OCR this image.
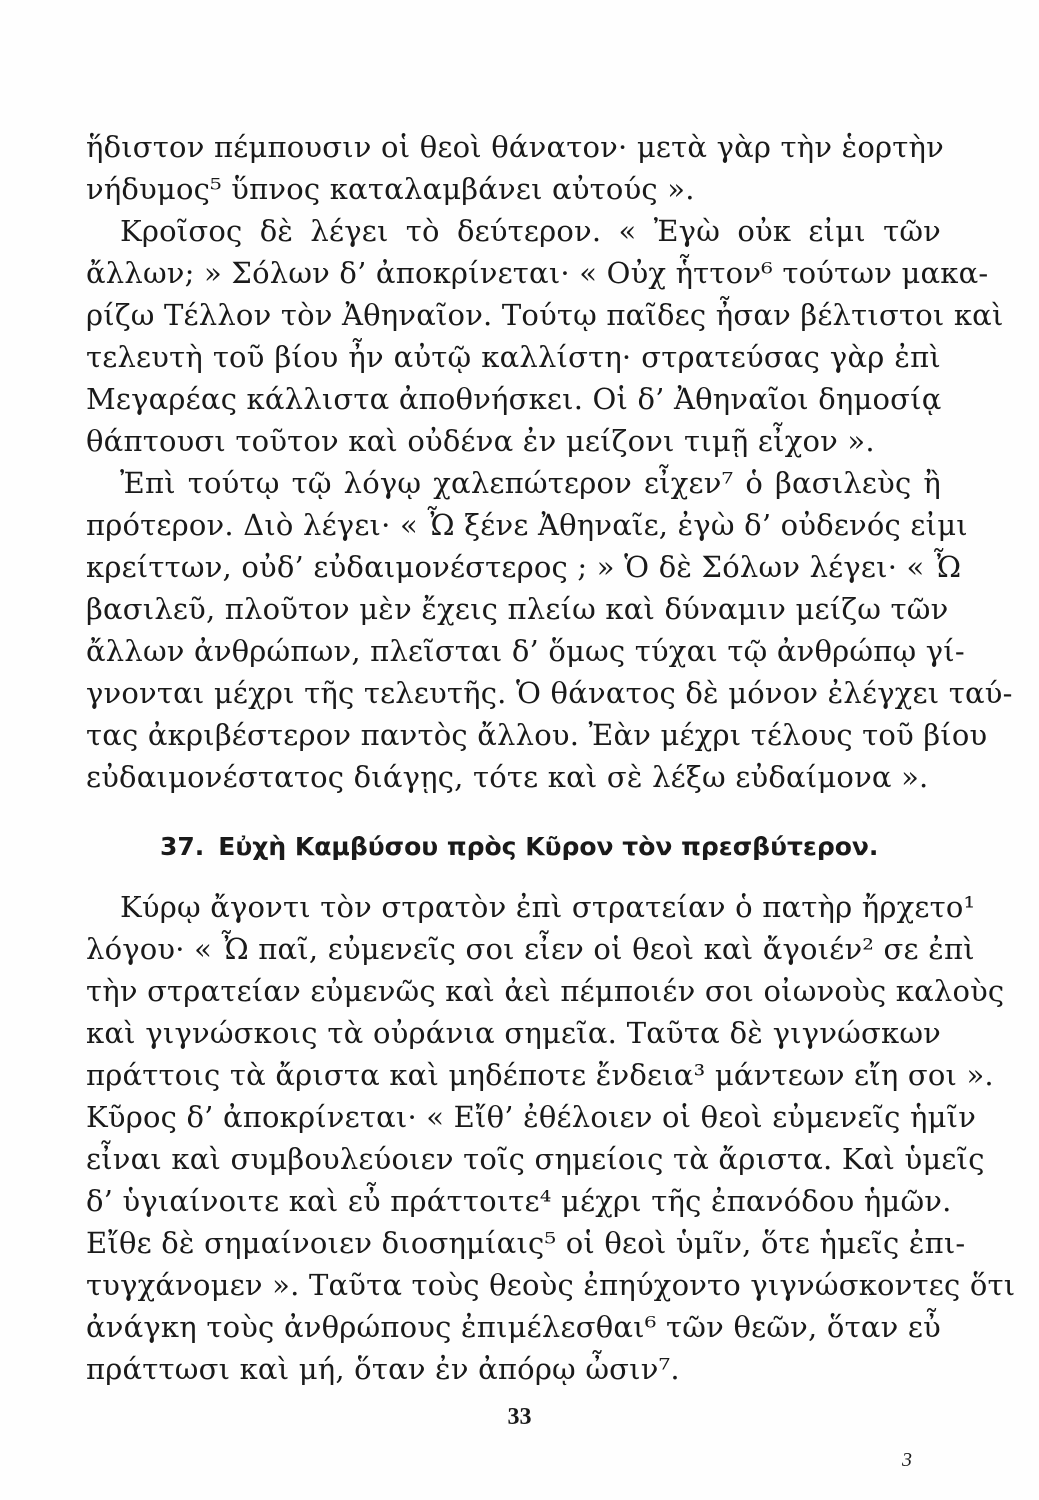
ἥδιστον πέμπουσιν οἱ θεοὶ θάνατον· μετὰ γὰρ τὴν ἑορτὴν
νήδυμος⁵ ὕπνος καταλαμβάνει αὐτούς ».
Κροῖσος δὲ λέγει τὸ δεύτερον. « Ἐγὼ οὐκ εἰμι τῶν
ἄλλων; » Σόλων δ’ ἀποκρίνεται· « Οὐχ ἧττον⁶ τούτων μακα-
ρίζω Τέλλον τὸν Ἀθηναῖον. Τούτῳ παῖδες ἦσαν βέλτιστοι καὶ
τελευτὴ τοῦ βίου ἦν αὐτῷ καλλίστη· στρατεύσας γὰρ ἐπὶ
Μεγαρέας κάλλιστα ἀποθνήσκει. Οἱ δ’ Ἀθηναῖοι δημοσίᾳ
θάπτουσι τοῦτον καὶ οὐδένα ἐν μείζονι τιμῇ εἶχον ».
Ἐπὶ τούτῳ τῷ λόγῳ χαλεπώτερον εἶχεν⁷ ὁ βασιλεὺς ἢ
πρότερον. Διὸ λέγει· « Ὦ ξένε Ἀθηναῖε, ἐγὼ δ’ οὐδενός εἰμι
κρείττων, οὐδ’ εὐδαιμονέστερος ; » Ὁ δὲ Σόλων λέγει· « Ὦ
βασιλεῦ, πλοῦτον μὲν ἔχεις πλείω καὶ δύναμιν μείζω τῶν
ἄλλων ἀνθρώπων, πλεῖσται δ’ ὅμως τύχαι τῷ ἀνθρώπῳ γί-
γνονται μέχρι τῆς τελευτῆς. Ὁ θάνατος δὲ μόνον ἐλέγχει ταύ-
τας ἀκριβέστερον παντὸς ἄλλου. Ἐὰν μέχρι τέλους τοῦ βίου
εὐδαιμονέστατος διάγῃς, τότε καὶ σὲ λέξω εὐδαίμονα ».
37. Εὐχὴ Καμβύσου πρὸς Κῦρον τὸν πρεσβύτερον.
Κύρῳ ἄγοντι τὸν στρατὸν ἐπὶ στρατείαν ὁ πατὴρ ἤρχετο¹
λόγου· « Ὦ παῖ, εὐμενεῖς σοι εἶεν οἱ θεοὶ καὶ ἄγοιέν² σε ἐπὶ
τὴν στρατείαν εὐμενῶς καὶ ἀεὶ πέμποιέν σοι οἰωνοὺς καλοὺς
καὶ γιγνώσκοις τὰ οὐράνια σημεῖα. Ταῦτα δὲ γιγνώσκων
πράττοις τὰ ἄριστα καὶ μηδέποτε ἔνδεια³ μάντεων εἴη σοι ».
Κῦρος δ’ ἀποκρίνεται· « Εἴθ’ ἐθέλοιεν οἱ θεοὶ εὐμενεῖς ἡμῖν
εἶναι καὶ συμβουλεύοιεν τοῖς σημείοις τὰ ἄριστα. Καὶ ὑμεῖς
δ’ ὑγιαίνοιτε καὶ εὖ πράττοιτε⁴ μέχρι τῆς ἐπανόδου ἡμῶν.
Εἴθε δὲ σημαίνοιεν διοσημίαις⁵ οἱ θεοὶ ὑμῖν, ὅτε ἡμεῖς ἐπι-
τυγχάνομεν ». Ταῦτα τοὺς θεοὺς ἐπηύχοντο γιγνώσκοντες ὅτι
ἀνάγκη τοὺς ἀνθρώπους ἐπιμέλεσθαι⁶ τῶν θεῶν, ὅταν εὖ
πράττωσι καὶ μή, ὅταν ἐν ἀπόρῳ ὦσιν⁷.
33
3
